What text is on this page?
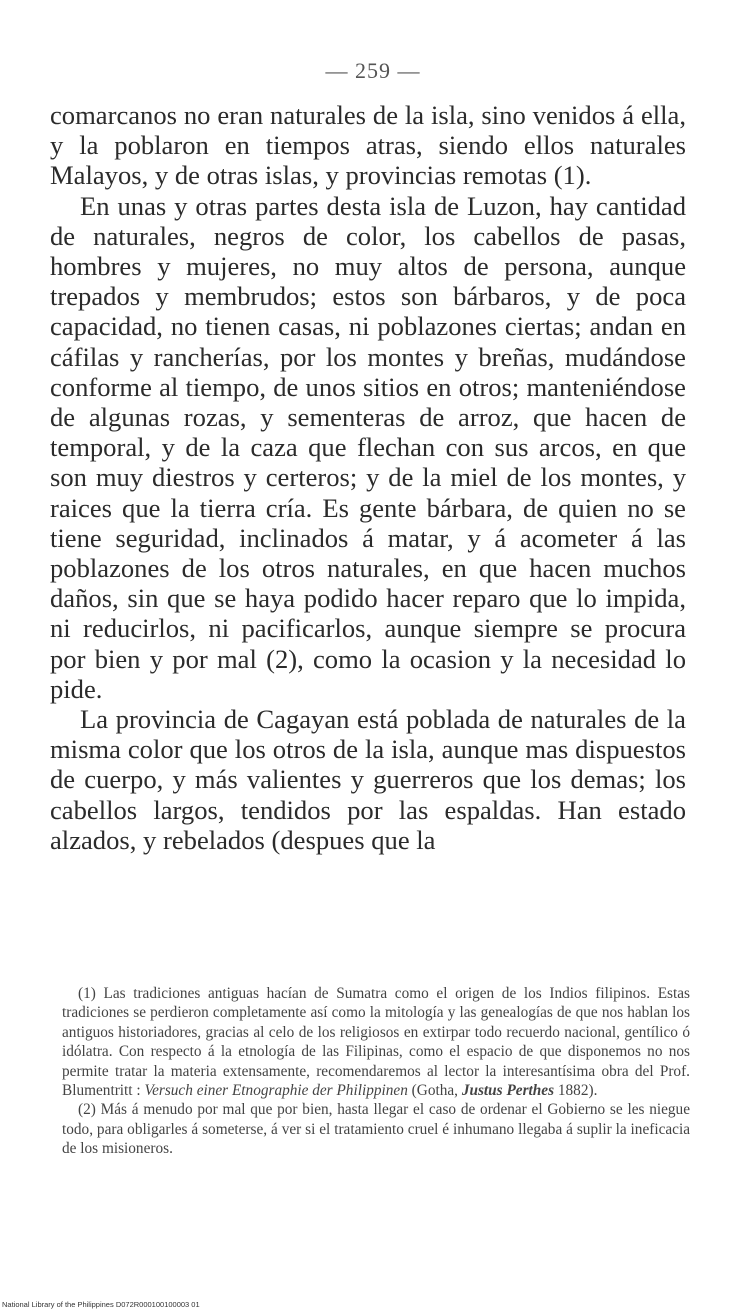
— 259 —

comarcanos no eran naturales de la isla, sino venidos á ella, y la poblaron en tiempos atras, siendo ellos naturales Malayos, y de otras islas, y provincias remotas (1).

En unas y otras partes desta isla de Luzon, hay cantidad de naturales, negros de color, los cabellos de pasas, hombres y mujeres, no muy altos de persona, aunque trepados y membrudos; estos son bárbaros, y de poca capacidad, no tienen casas, ni poblazones ciertas; andan en cáfilas y rancherías, por los montes y breñas, mudándose conforme al tiempo, de unos sitios en otros; manteniéndose de algunas rozas, y sementeras de arroz, que hacen de temporal, y de la caza que flechan con sus arcos, en que son muy diestros y certeros; y de la miel de los montes, y raices que la tierra cría. Es gente bárbara, de quien no se tiene seguridad, inclinados á matar, y á acometer á las poblazones de los otros naturales, en que hacen muchos daños, sin que se haya podido hacer reparo que lo impida, ni reducirlos, ni pacificarlos, aunque siempre se procura por bien y por mal (2), como la ocasion y la necesidad lo pide.

La provincia de Cagayan está poblada de naturales de la misma color que los otros de la isla, aunque mas dispuestos de cuerpo, y más valientes y guerreros que los demas; los cabellos largos, tendidos por las espaldas. Han estado alzados, y rebelados (despues que la

(1) Las tradiciones antiguas hacían de Sumatra como el origen de los Indios filipinos. Estas tradiciones se perdieron completamente así como la mitología y las genealogías de que nos hablan los antiguos historiadores, gracias al celo de los religiosos en extirpar todo recuerdo nacional, gentílico ó idólatra. Con respecto á la etnología de las Filipinas, como el espacio de que disponemos no nos permite tratar la materia extensamente, recomendaremos al lector la interesantísima obra del Prof. Blumentritt : Versuch einer Etnographie der Philippinen (Gotha, Justus Perthes 1882).

(2) Más á menudo por mal que por bien, hasta llegar el caso de ordenar el Gobierno se les niegue todo, para obligarles á someterse, á ver si el tratamiento cruel é inhumano llegaba á suplir la ineficacia de los misioneros.

National Library of the Philippines D072R000100100003 01
